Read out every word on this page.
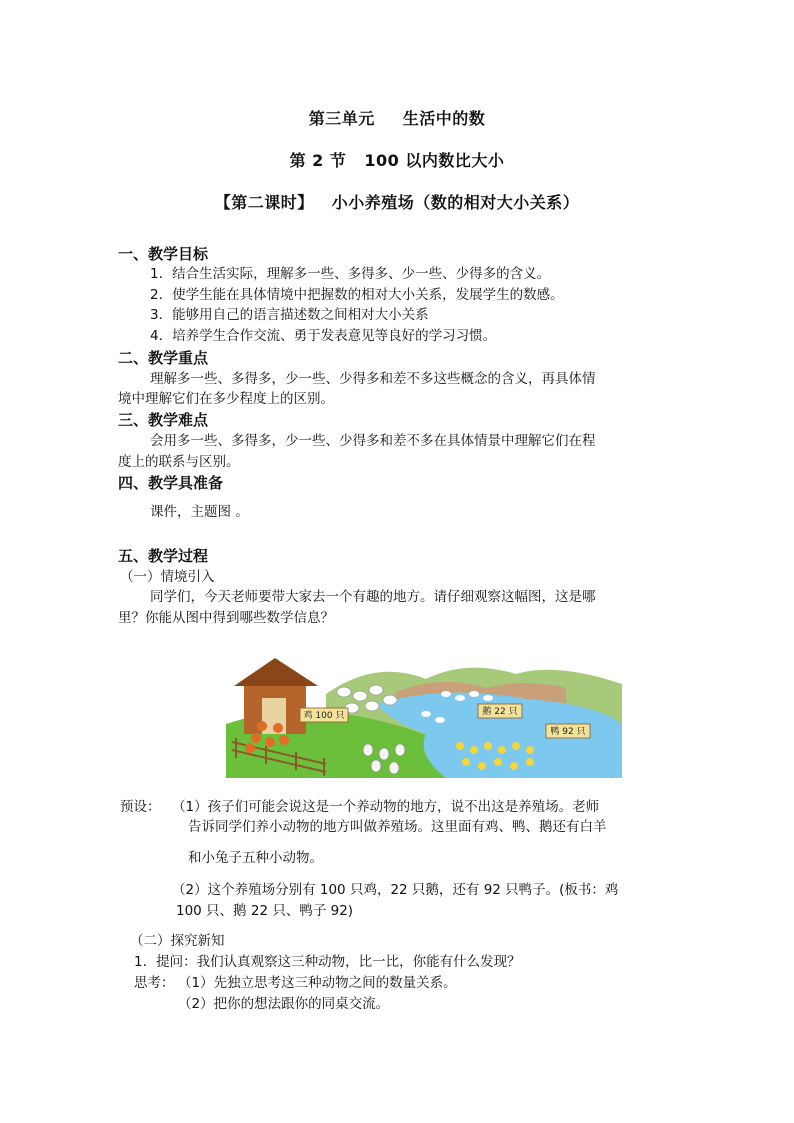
第三单元 生活中的数
第 2 节 100 以内数比大小
【第二课时】 小小养殖场（数的相对大小关系）
一、教学目标
1．结合生活实际，理解多一些、多得多、少一些、少得多的含义。
2．使学生能在具体情境中把握数的相对大小关系，发展学生的数感。
3．能够用自己的语言描述数之间相对大小关系
4．培养学生合作交流、勇于发表意见等良好的学习习惯。
二、教学重点
理解多一些、多得多，少一些、少得多和差不多这些概念的含义，再具体情
境中理解它们在多少程度上的区别。
三、教学难点
会用多一些、多得多，少一些、少得多和差不多在具体情景中理解它们在程
度上的联系与区别。
四、教学具准备
课件，主题图 。
五、教学过程
（一）情境引入
同学们，今天老师要带大家去一个有趣的地方。请仔细观察这幅图，这是哪
里？你能从图中得到哪些数学信息？
鸡 100 只	鹅 22 只
鸭 92 只
预设： （1）孩子们可能会说这是一个养动物的地方，说不出这是养殖场。老师
告诉同学们养小动物的地方叫做养殖场。这里面有鸡、鸭、鹅还有白羊
和小兔子五种小动物。
（2）这个养殖场分别有 100 只鸡，22 只鹅，还有 92 只鸭子。(板书：鸡
100 只、鹅 22 只、鸭子 92)
（二）探究新知
1．提问：我们认真观察这三种动物，比一比，你能有什么发现？
思考： （1）先独立思考这三种动物之间的数量关系。
（2）把你的想法跟你的同桌交流。
